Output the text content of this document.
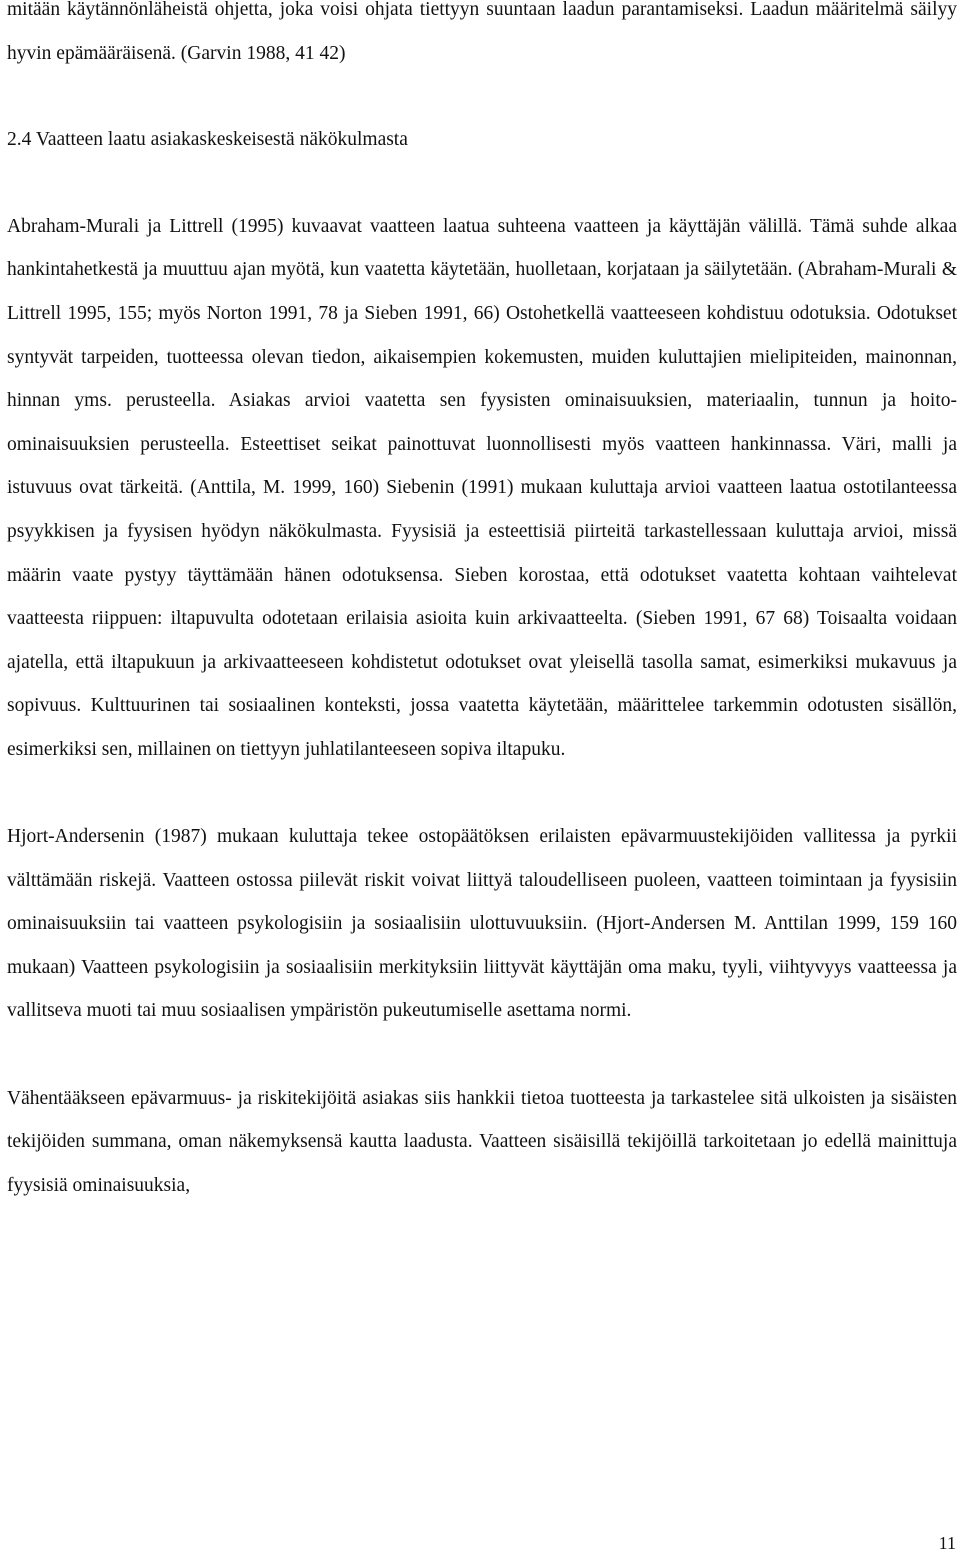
mitään käytännönläheistä ohjetta, joka voisi ohjata tiettyyn suuntaan laadun parantamiseksi. Laadun määritelmä säilyy hyvin epämääräisenä. (Garvin 1988, 41 42)

2.4 Vaatteen laatu asiakaskeskeisestä näkökulmasta

Abraham-Murali ja Littrell (1995) kuvaavat vaatteen laatua suhteena vaatteen ja käyttäjän välillä. Tämä suhde alkaa hankintahetkestä ja muuttuu ajan myötä, kun vaatetta käytetään, huolletaan, korjataan ja säilytetään. (Abraham-Murali & Littrell 1995, 155; myös Norton 1991, 78 ja Sieben 1991, 66) Ostohetkellä vaatteeseen kohdistuu odotuksia. Odotukset syntyvät tarpeiden, tuotteessa olevan tiedon, aikaisempien kokemusten, muiden kuluttajien mielipiteiden, mainonnan, hinnan yms. perusteella. Asiakas arvioi vaatetta sen fyysisten ominaisuuksien, materiaalin, tunnun ja hoito-ominaisuuksien perusteella. Esteettiset seikat painottuvat luonnollisesti myös vaatteen hankinnassa. Väri, malli ja istuvuus ovat tärkeitä. (Anttila, M. 1999, 160) Siebenin (1991) mukaan kuluttaja arvioi vaatteen laatua ostotilanteessa psyykkisen ja fyysisen hyödyn näkökulmasta. Fyysisiä ja esteettisiä piirteitä tarkastellessaan kuluttaja arvioi, missä määrin vaate pystyy täyttämään hänen odotuksensa. Sieben korostaa, että odotukset vaatetta kohtaan vaihtelevat vaatteesta riippuen: iltapuvulta odotetaan erilaisia asioita kuin arkivaatteelta. (Sieben 1991, 67 68) Toisaalta voidaan ajatella, että iltapukuun ja arkivaatteeseen kohdistetut odotukset ovat yleisellä tasolla samat, esimerkiksi mukavuus ja sopivuus. Kulttuurinen tai sosiaalinen konteksti, jossa vaatetta käytetään, määrittelee tarkemmin odotusten sisällön, esimerkiksi sen, millainen on tiettyyn juhlatilanteeseen sopiva iltapuku.

Hjort-Andersenin (1987) mukaan kuluttaja tekee ostopäätöksen erilaisten epävarmuustekijöiden vallitessa ja pyrkii välttämään riskejä. Vaatteen ostossa piilevät riskit voivat liittyä taloudelliseen puoleen, vaatteen toimintaan ja fyysisiin ominaisuuksiin tai vaatteen psykologisiin ja sosiaalisiin ulottuvuuksiin. (Hjort-Andersen M. Anttilan 1999, 159 160 mukaan) Vaatteen psykologisiin ja sosiaalisiin merkityksiin liittyvät käyttäjän oma maku, tyyli, viihtyvyys vaatteessa ja vallitseva muoti tai muu sosiaalisen ympäristön pukeutumiselle asettama normi.

Vähentääkseen epävarmuus- ja riskitekijöitä asiakas siis hankkii tietoa tuotteesta ja tarkastelee sitä ulkoisten ja sisäisten tekijöiden summana, oman näkemyksensä kautta laadusta. Vaatteen sisäisillä tekijöillä tarkoitetaan jo edellä mainittuja fyysisiä ominaisuuksia,

11
